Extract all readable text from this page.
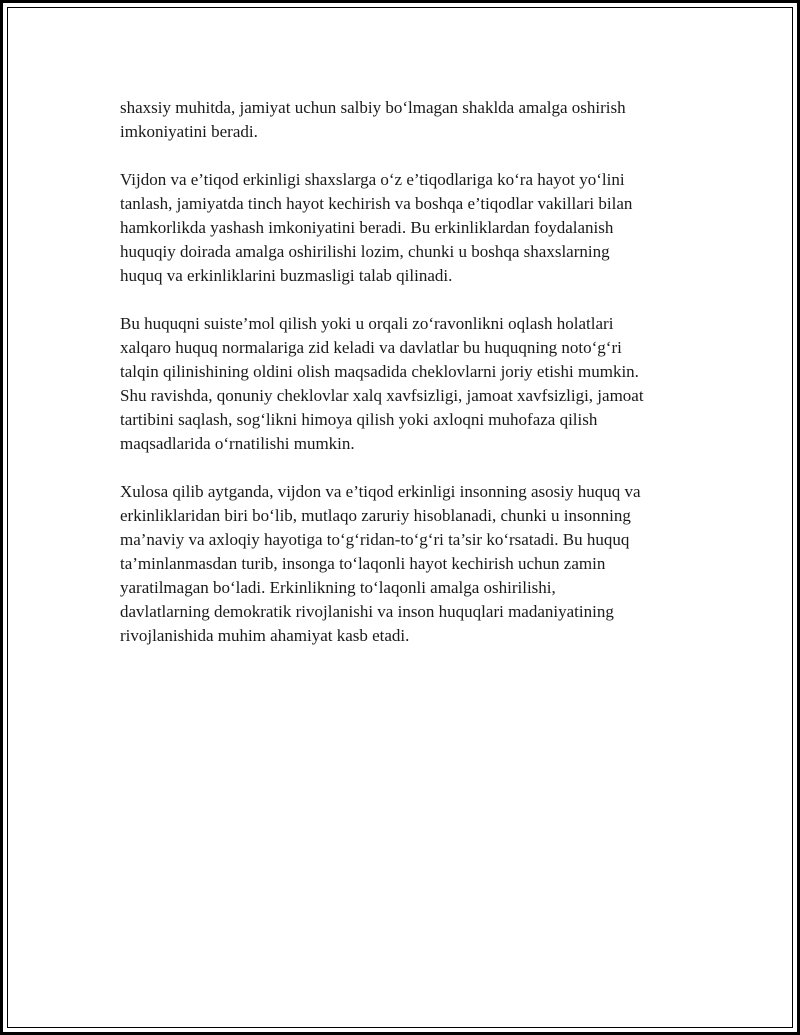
shaxsiy muhitda, jamiyat uchun salbiy bo‘lmagan shaklda amalga oshirish
imkoniyatini beradi.
Vijdon va e’tiqod erkinligi shaxslarga o‘z e’tiqodlariga ko‘ra hayot yo‘lini
tanlash, jamiyatda tinch hayot kechirish va boshqa e’tiqodlar vakillari bilan
hamkorlikda yashash imkoniyatini beradi. Bu erkinliklardan foydalanish
huquqiy doirada amalga oshirilishi lozim, chunki u boshqa shaxslarning
huquq va erkinliklarini buzmasligi talab qilinadi.
Bu huquqni suiste’mol qilish yoki u orqali zo‘ravonlikni oqlash holatlari
xalqaro huquq normalariga zid keladi va davlatlar bu huquqning noto‘g‘ri
talqin qilinishining oldini olish maqsadida cheklovlarni joriy etishi mumkin.
Shu ravishda, qonuniy cheklovlar xalq xavfsizligi, jamoat xavfsizligi, jamoat
tartibini saqlash, sog‘likni himoya qilish yoki axloqni muhofaza qilish
maqsadlarida o‘rnatilishi mumkin.
Xulosa qilib aytganda, vijdon va e’tiqod erkinligi insonning asosiy huquq va
erkinliklaridan biri bo‘lib, mutlaqo zaruriy hisoblanadi, chunki u insonning
ma’naviy va axloqiy hayotiga to‘g‘ridan-to‘g‘ri ta’sir ko‘rsatadi. Bu huquq
ta’minlanmasdan turib, insonga to‘laqonli hayot kechirish uchun zamin
yaratilmagan bo‘ladi. Erkinlikning to‘laqonli amalga oshirilishi,
davlatlarning demokratik rivojlanishi va inson huquqlari madaniyatining
rivojlanishida muhim ahamiyat kasb etadi.
